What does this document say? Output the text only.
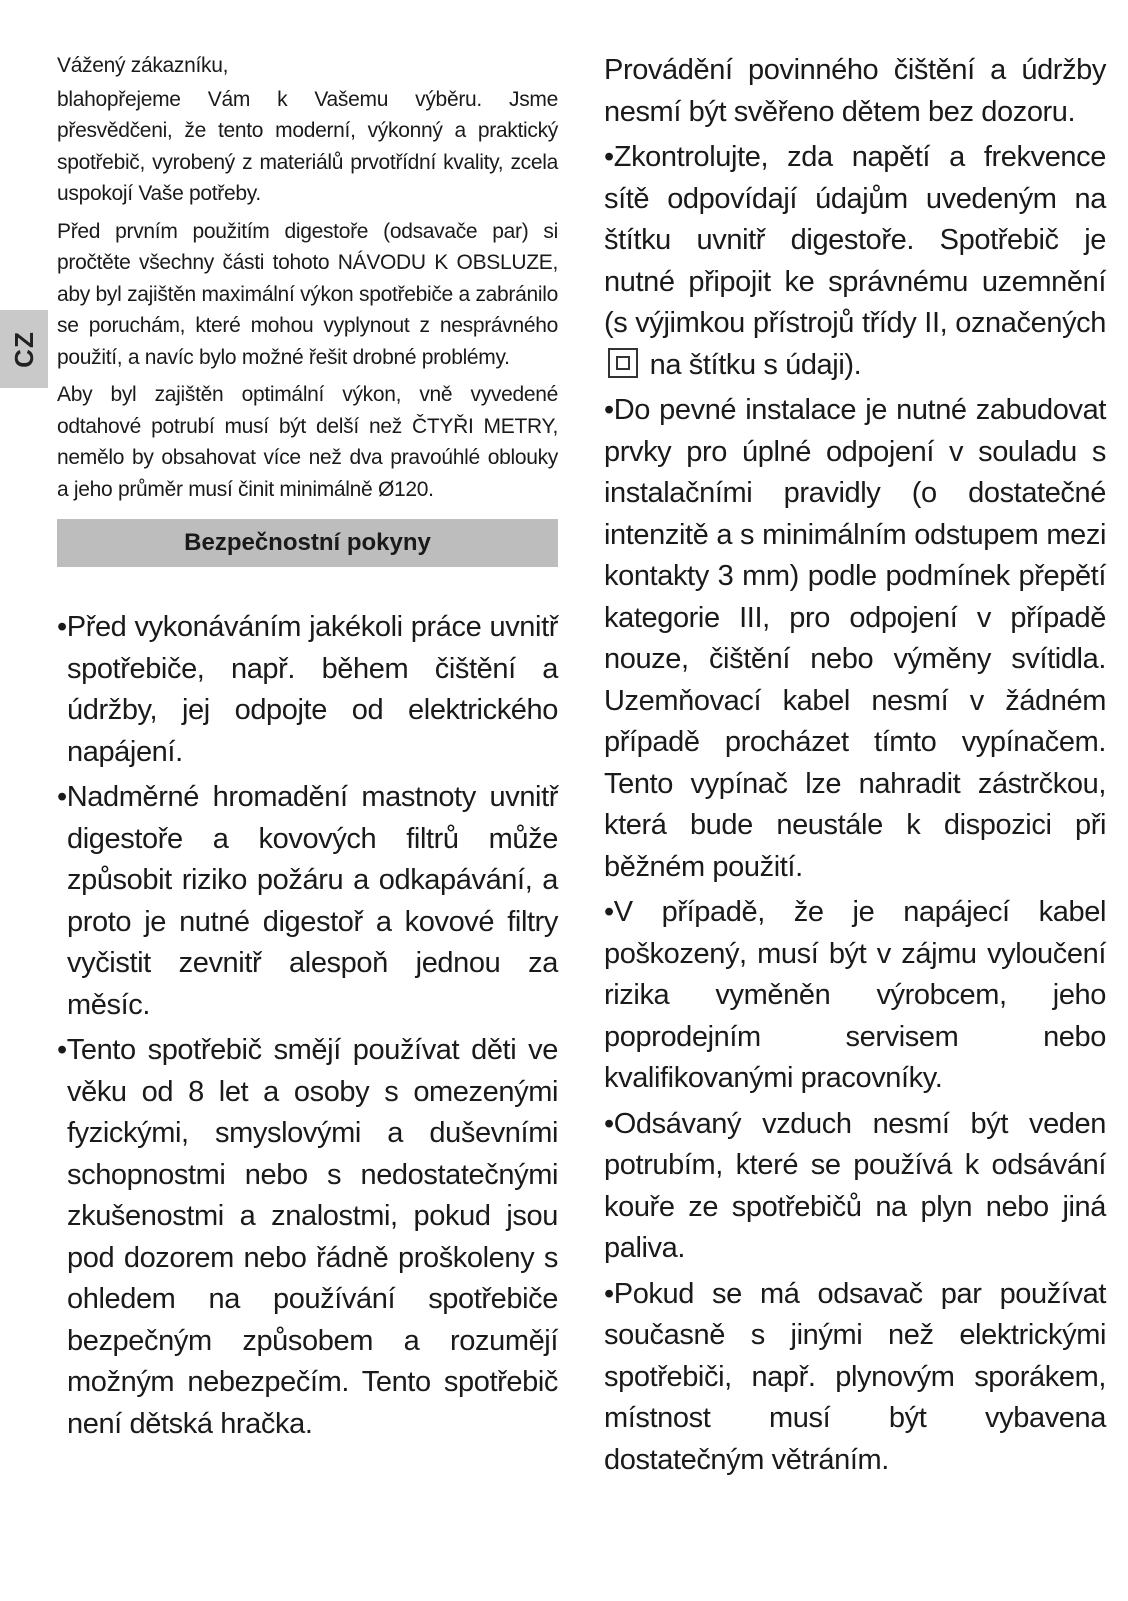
CZ

Vážený zákazníku,

blahopřejeme Vám k Vašemu výběru. Jsme přesvědčeni, že tento moderní, výkonný a praktický spotřebič, vyrobený z materiálů prvotřídní kvality, zcela uspokojí Vaše potřeby.

Před prvním použitím digestoře (odsavače par) si pročtěte všechny části tohoto NÁVODU K OBSLUZE, aby byl zajištěn maximální výkon spotřebiče a zabránilo se poruchám, které mohou vyplynout z nesprávného použití, a navíc bylo možné řešit drobné problémy.

Aby byl zajištěn optimální výkon, vně vyvedené odtahové potrubí musí být delší než ČTYŘI METRY, nemělo by obsahovat více než dva pravoúhlé oblouky a jeho průměr musí činit minimálně Ø120.

Bezpečnostní pokyny

•Před vykonáváním jakékoli práce uvnitř spotřebiče, např. během čištění a údržby, jej odpojte od elektrického napájení.

•Nadměrné hromadění mastnoty uvnitř digestoře a kovových filtrů může způsobit riziko požáru a odkapávání, a proto je nutné digestoř a kovové filtry vyčistit zevnitř alespoň jednou za měsíc.

•Tento spotřebič smějí používat děti ve věku od 8 let a osoby s omezenými fyzickými, smyslovými a duševními schopnostmi nebo s nedostatečnými zkušenostmi a znalostmi, pokud jsou pod dozorem nebo řádně proškoleny s ohledem na používání spotřebiče bezpečným způsobem a rozumějí možným nebezpečím. Tento spotřebič není dětská hračka.

Provádění povinného čištění a údržby nesmí být svěřeno dětem bez dozoru.

•Zkontrolujte, zda napětí a frekvence sítě odpovídají údajům uvedeným na štítku uvnitř digestoře. Spotřebič je nutné připojit ke správnému uzemnění (s výjimkou přístrojů třídy II, označených  na štítku s údaji).

•Do pevné instalace je nutné zabudovat prvky pro úplné odpojení v souladu s instalačními pravidly (o dostatečné intenzitě a s minimálním odstupem mezi kontakty 3 mm) podle podmínek přepětí kategorie III, pro odpojení v případě nouze, čištění nebo výměny svítidla. Uzemňovací kabel nesmí v žádném případě procházet tímto vypínačem. Tento vypínač lze nahradit zástrčkou, která bude neustále k dispozici při běžném použití.

•V případě, že je napájecí kabel poškozený, musí být v zájmu vyloučení rizika vyměněn výrobcem, jeho poprodejním servisem nebo kvalifikovanými pracovníky.

•Odsávaný vzduch nesmí být veden potrubím, které se používá k odsávání kouře ze spotřebičů na plyn nebo jiná paliva.

•Pokud se má odsavač par používat současně s jinými než elektrickými spotřebiči, např. plynovým sporákem, místnost musí být vybavena dostatečným větráním.
